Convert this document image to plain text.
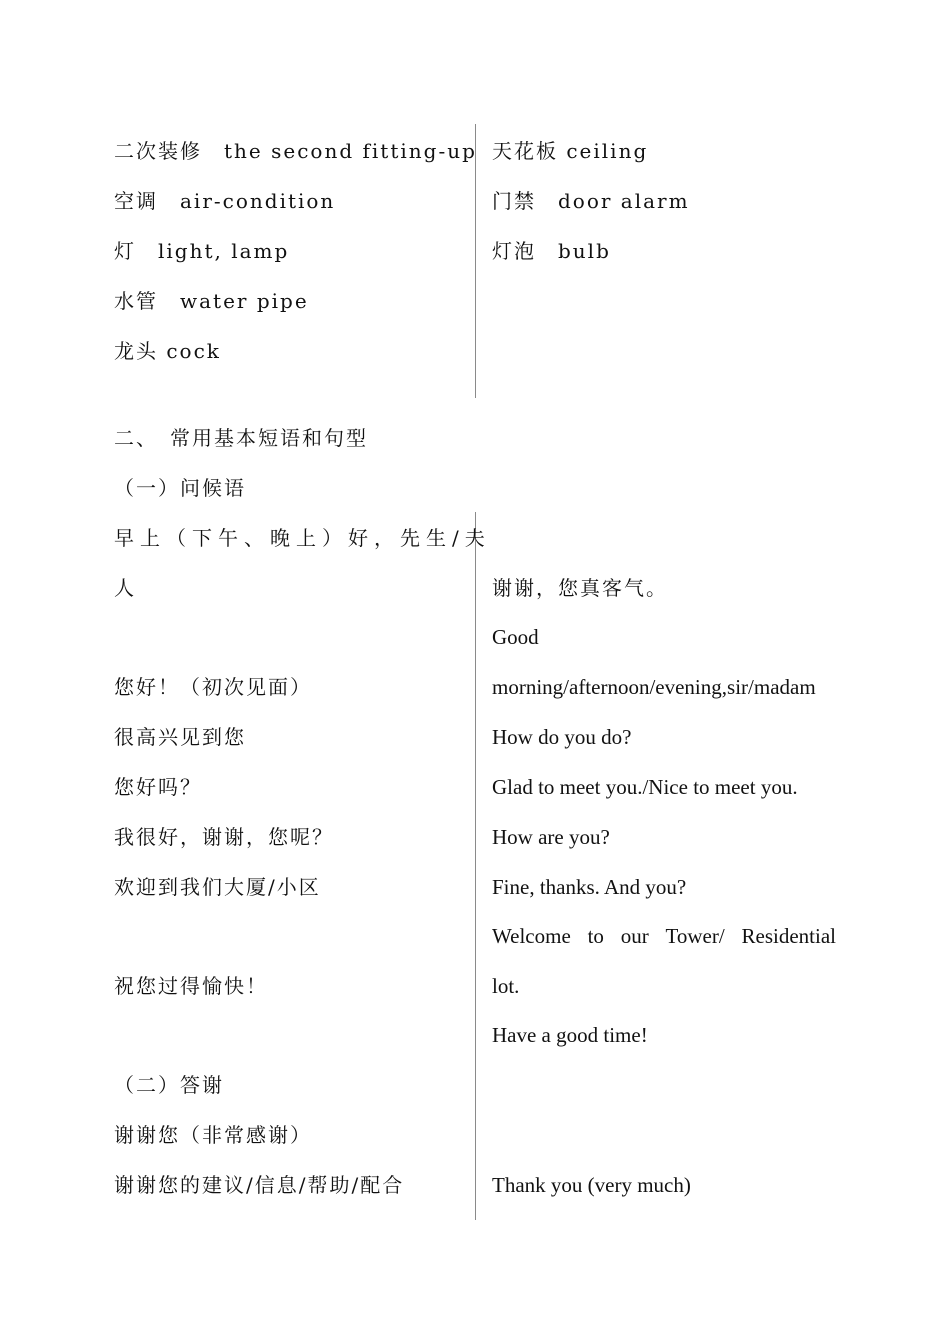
二次装修　the second fitting-up
空调　air-condition
灯　light, lamp
水管　water pipe
龙头 cock
天花板 ceiling
门禁　door alarm
灯泡　bulb
二、　常用基本短语和句型
（一）问候语
早上（下午、晚上）好，先生/夫
人
您好！（初次见面）
很高兴见到您
您好吗？
我很好，谢谢，您呢？
欢迎到我们大厦/小区
祝您过得愉快！
谢谢，您真客气。
Good
morning/afternoon/evening,sir/madam
How do you do?
Glad to meet you./Nice to meet you.
How are you?
Fine, thanks. And you?
Welcome to our Tower/ Residential
lot.
Have a good time!
（二）答谢
谢谢您（非常感谢）
谢谢您的建议/信息/帮助/配合	Thank you (very much)
